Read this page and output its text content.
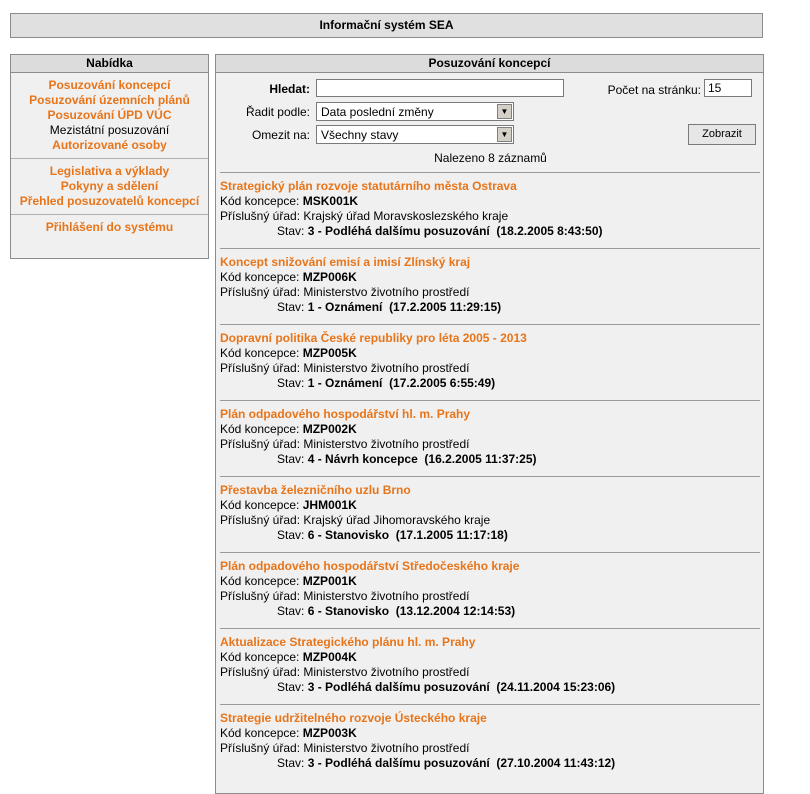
Informační systém SEA
Nabídka
Posuzování koncepcí
Posuzování územních plánů
Posuzování ÚPD VÚC
Mezistátní posuzování
Autorizované osoby
Legislativa a výklady
Pokyny a sdělení
Přehled posuzovatelů koncepcí
Přihlášení do systému
Posuzování koncepcí
Hledat:	Počet na stránku:
15
Řadit podle: Data poslední změny	▼
Omezit na: Všechny stavy	▼	Zobrazit
Nalezeno 8 záznamů
Strategický plán rozvoje statutárního města Ostrava
Kód koncepce: MSK001K
Příslušný úřad: Krajský úřad Moravskoslezského kraje
Stav: 3 - Podléhá dalšímu posuzování (18.2.2005 8:43:50)
Koncept snižování emisí a imisí Zlínský kraj
Kód koncepce: MZP006K
Příslušný úřad: Ministerstvo životního prostředí
Stav: 1 - Oznámení (17.2.2005 11:29:15)
Dopravní politika České republiky pro léta 2005 - 2013
Kód koncepce: MZP005K
Příslušný úřad: Ministerstvo životního prostředí
Stav: 1 - Oznámení (17.2.2005 6:55:49)
Plán odpadového hospodářství hl. m. Prahy
Kód koncepce: MZP002K
Příslušný úřad: Ministerstvo životního prostředí
Stav: 4 - Návrh koncepce (16.2.2005 11:37:25)
Přestavba železničního uzlu Brno
Kód koncepce: JHM001K
Příslušný úřad: Krajský úřad Jihomoravského kraje
Stav: 6 - Stanovisko (17.1.2005 11:17:18)
Plán odpadového hospodářství Středočeského kraje
Kód koncepce: MZP001K
Příslušný úřad: Ministerstvo životního prostředí
Stav: 6 - Stanovisko (13.12.2004 12:14:53)
Aktualizace Strategického plánu hl. m. Prahy
Kód koncepce: MZP004K
Příslušný úřad: Ministerstvo životního prostředí
Stav: 3 - Podléhá dalšímu posuzování (24.11.2004 15:23:06)
Strategie udržitelného rozvoje Ústeckého kraje
Kód koncepce: MZP003K
Příslušný úřad: Ministerstvo životního prostředí
Stav: 3 - Podléhá dalšímu posuzování (27.10.2004 11:43:12)
